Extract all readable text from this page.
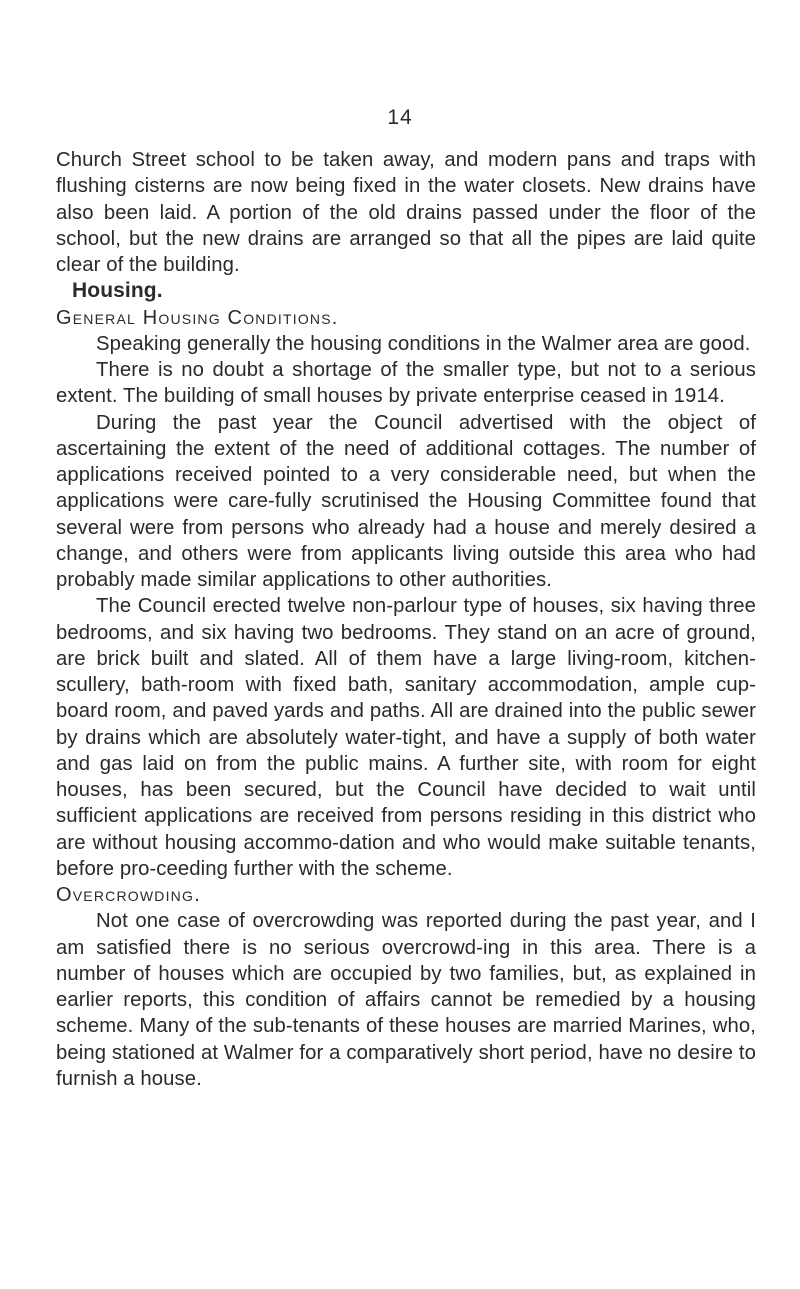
14

Church Street school to be taken away, and modern pans and traps with flushing cisterns are now being fixed in the water closets. New drains have also been laid. A portion of the old drains passed under the floor of the school, but the new drains are arranged so that all the pipes are laid quite clear of the building.

Housing.

General Housing Conditions.

Speaking generally the housing conditions in the Walmer area are good.

There is no doubt a shortage of the smaller type, but not to a serious extent. The building of small houses by private enterprise ceased in 1914.

During the past year the Council advertised with the object of ascertaining the extent of the need of additional cottages. The number of applications received pointed to a very considerable need, but when the applications were care-fully scrutinised the Housing Committee found that several were from persons who already had a house and merely desired a change, and others were from applicants living outside this area who had probably made similar applications to other authorities.

The Council erected twelve non-parlour type of houses, six having three bedrooms, and six having two bedrooms. They stand on an acre of ground, are brick built and slated. All of them have a large living-room, kitchen-scullery, bath-room with fixed bath, sanitary accommodation, ample cup-board room, and paved yards and paths. All are drained into the public sewer by drains which are absolutely water-tight, and have a supply of both water and gas laid on from the public mains. A further site, with room for eight houses, has been secured, but the Council have decided to wait until sufficient applications are received from persons residing in this district who are without housing accommo-dation and who would make suitable tenants, before pro-ceeding further with the scheme.

Overcrowding.

Not one case of overcrowding was reported during the past year, and I am satisfied there is no serious overcrowd-ing in this area. There is a number of houses which are occupied by two families, but, as explained in earlier reports, this condition of affairs cannot be remedied by a housing scheme. Many of the sub-tenants of these houses are married Marines, who, being stationed at Walmer for a comparatively short period, have no desire to furnish a house.
